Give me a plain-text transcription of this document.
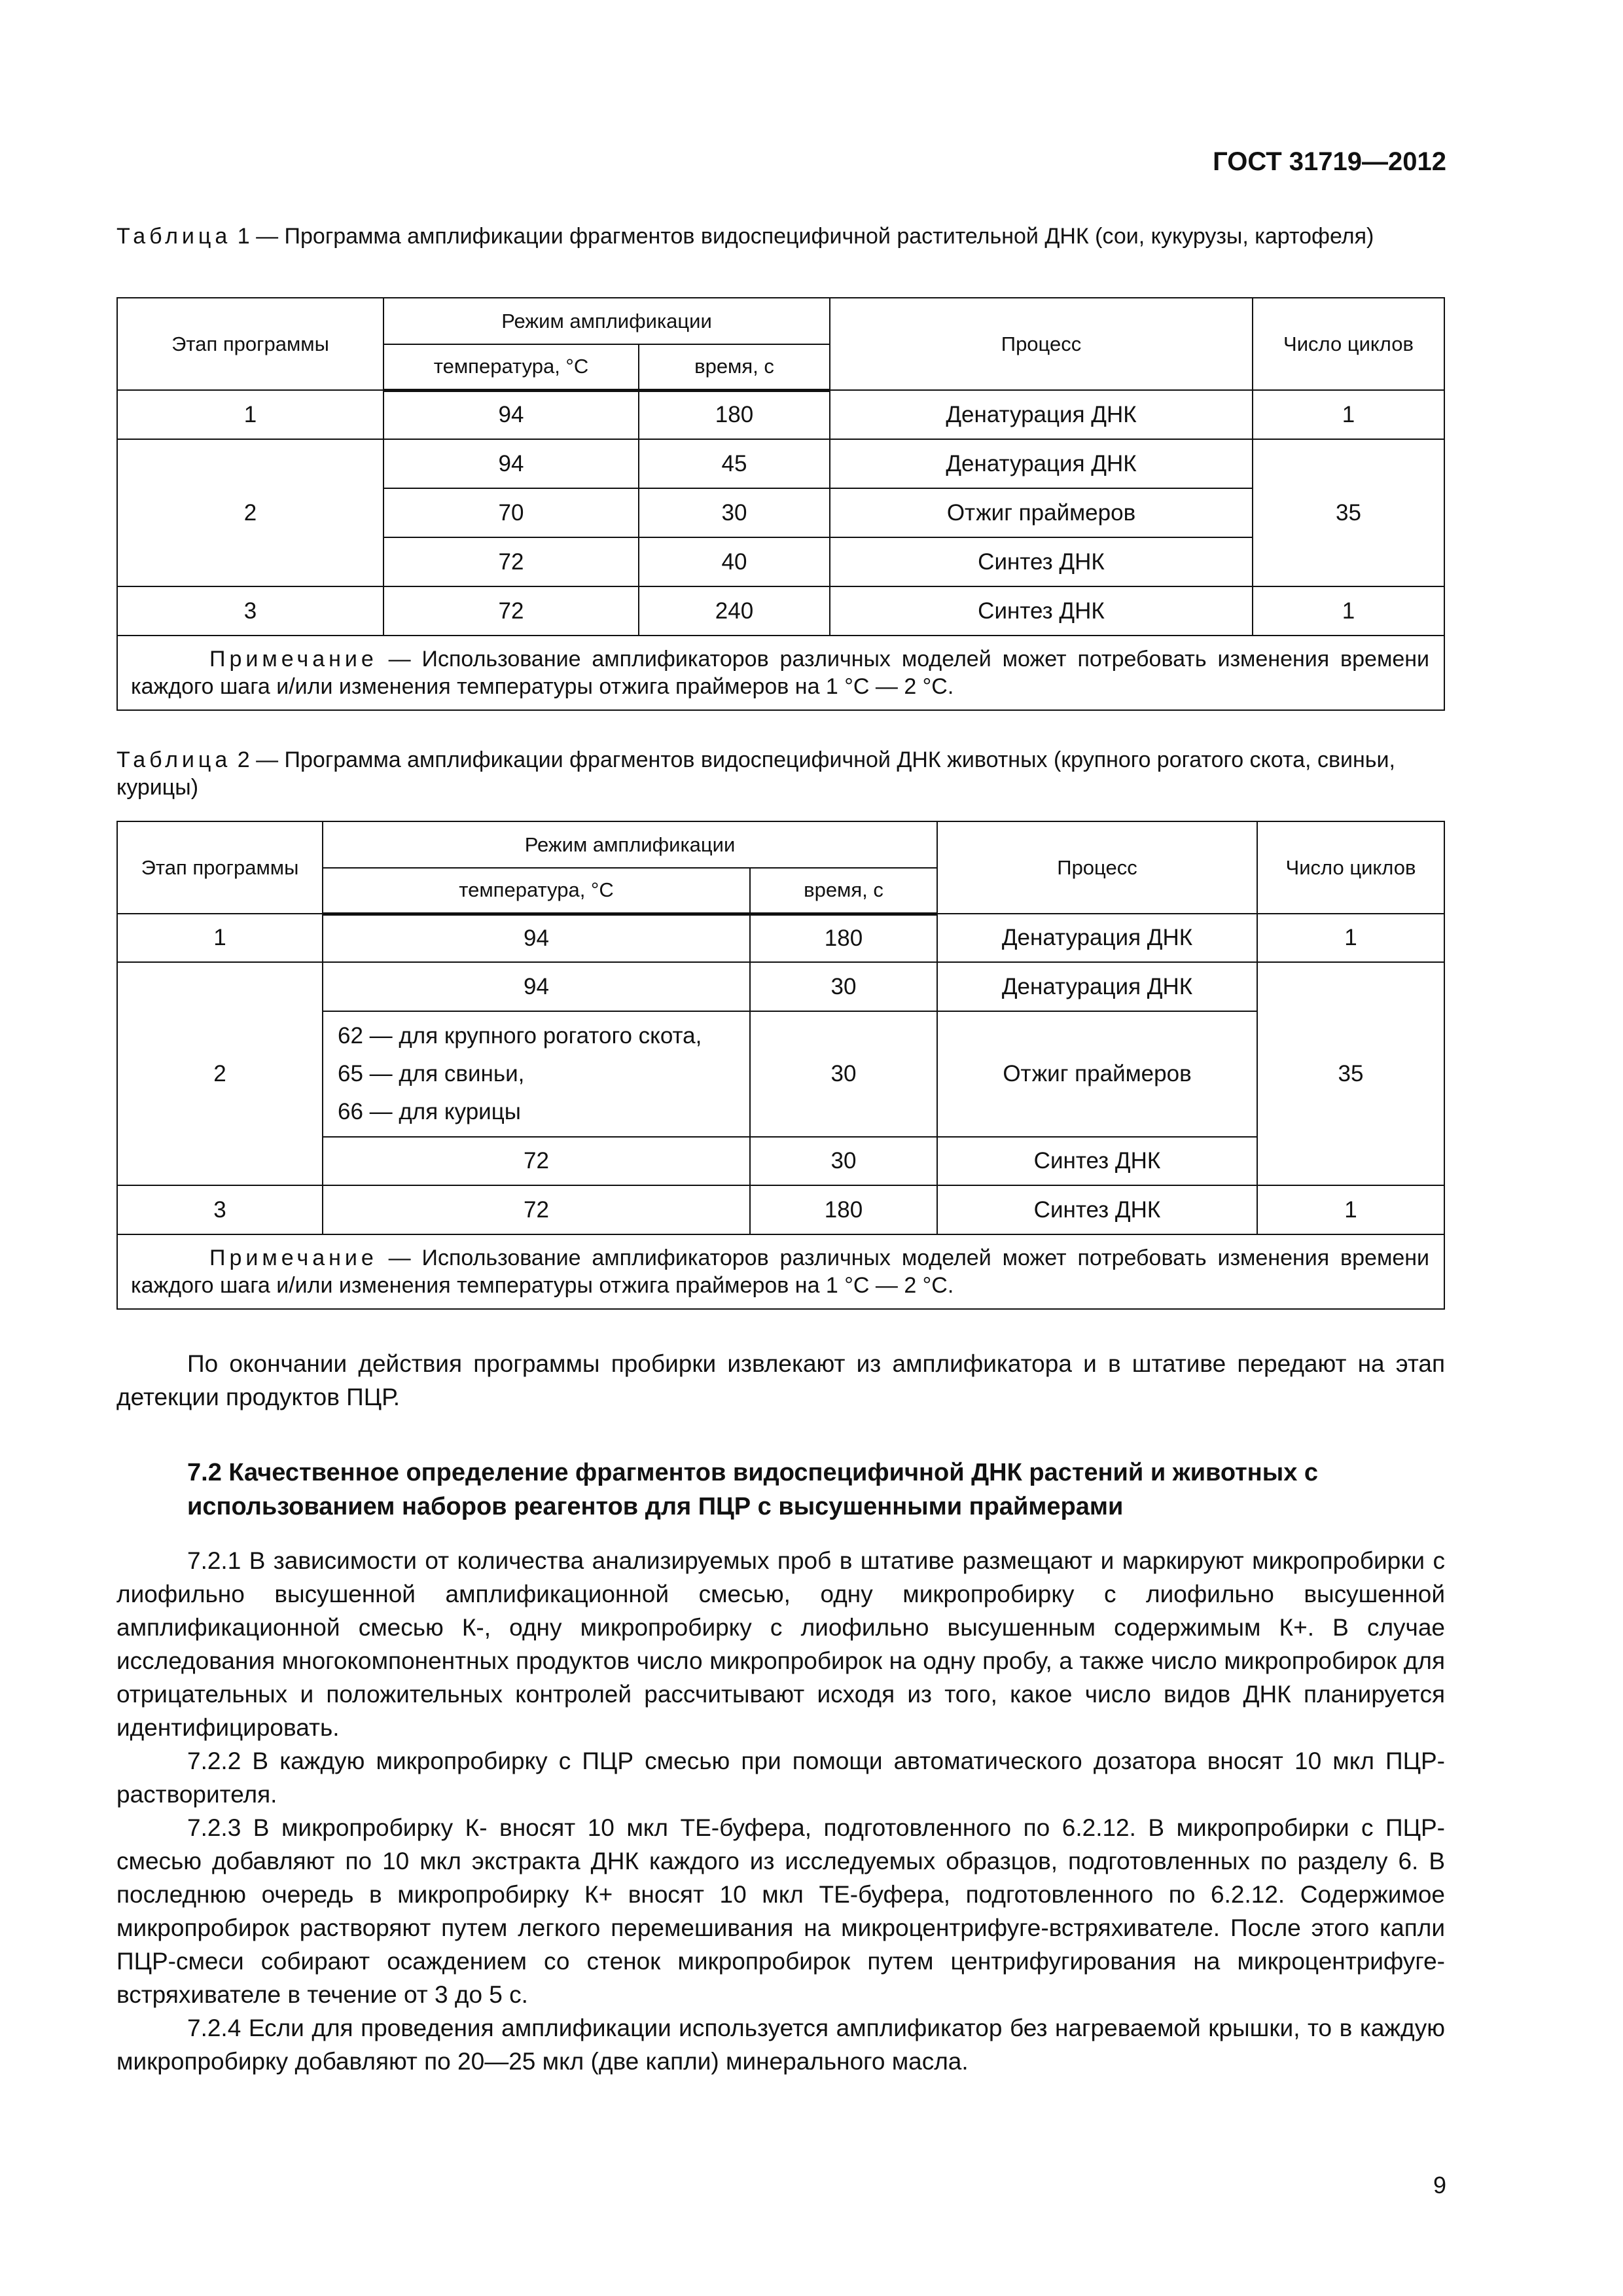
ГОСТ 31719—2012
Таблица 1 — Программа амплификации фрагментов видоспецифичной растительной ДНК (сои, кукурузы, картофеля)
Этап программы	Режим амплификации		Процесс	Число циклов
	температура, °С	время, с		
1	94	180	Денатурация ДНК	1
2	94	45	Денатурация ДНК	35
	70	30	Отжиг праймеров	
	72	40	Синтез ДНК	
3	72	240	Синтез ДНК	1
Примечание — Использование амплификаторов различных моделей может потребовать изменения времени каждого шага и/или изменения температуры отжига праймеров на 1 °С — 2 °С.				
Таблица 2 — Программа амплификации фрагментов видоспецифичной ДНК животных (крупного рогатого скота, свиньи, курицы)
Этап программы	Режим амплификации		Процесс	Число циклов
	температура, °С	время, с		
1	94	180	Денатурация ДНК	1
2	94	30	Денатурация ДНК	35

	62 — для крупного рогатого скота,
65 — для свиньи,
66 — для курицы	30	Отжиг праймеров	
	72	30	Синтез ДНК	
3	72	180	Синтез ДНК	1
Примечание — Использование амплификаторов различных моделей может потребовать изменения времени каждого шага и/или изменения температуры отжига праймеров на 1 °С — 2 °С.				

По окончании действия программы пробирки извлекают из амплификатора и в штативе передают на этап детекции продуктов ПЦР.

7.2 Качественное определение фрагментов видоспецифичной ДНК растений и животных с использованием наборов реагентов для ПЦР с высушенными праймерами

7.2.1 В зависимости от количества анализируемых проб в штативе размещают и маркируют микропробирки с лиофильно высушенной амплификационной смесью, одну микропробирку с лиофильно высушенной амплификационной смесью К-, одну микропробирку с лиофильно высушенным содержимым К+. В случае исследования многокомпонентных продуктов число микропробирок на одну пробу, а также число микропробирок для отрицательных и положительных контролей рассчитывают исходя из того, какое число видов ДНК планируется идентифицировать.

7.2.2 В каждую микропробирку с ПЦР смесью при помощи автоматического дозатора вносят 10 мкл ПЦР-растворителя.

7.2.3 В микропробирку К- вносят 10 мкл ТЕ-буфера, подготовленного по 6.2.12. В микропробирки с ПЦР-смесью добавляют по 10 мкл экстракта ДНК каждого из исследуемых образцов, подготовленных по разделу 6. В последнюю очередь в микропробирку К+ вносят 10 мкл ТЕ-буфера, подготовленного по 6.2.12. Содержимое микропробирок растворяют путем легкого перемешивания на микроцентрифуге-встряхивателе. После этого капли ПЦР-смеси собирают осаждением со стенок микропробирок путем центрифугирования на микроцентрифуге-встряхивателе в течение от 3 до 5 с.

7.2.4 Если для проведения амплификации используется амплификатор без нагреваемой крышки, то в каждую микропробирку добавляют по 20—25 мкл (две капли) минерального масла.

9
